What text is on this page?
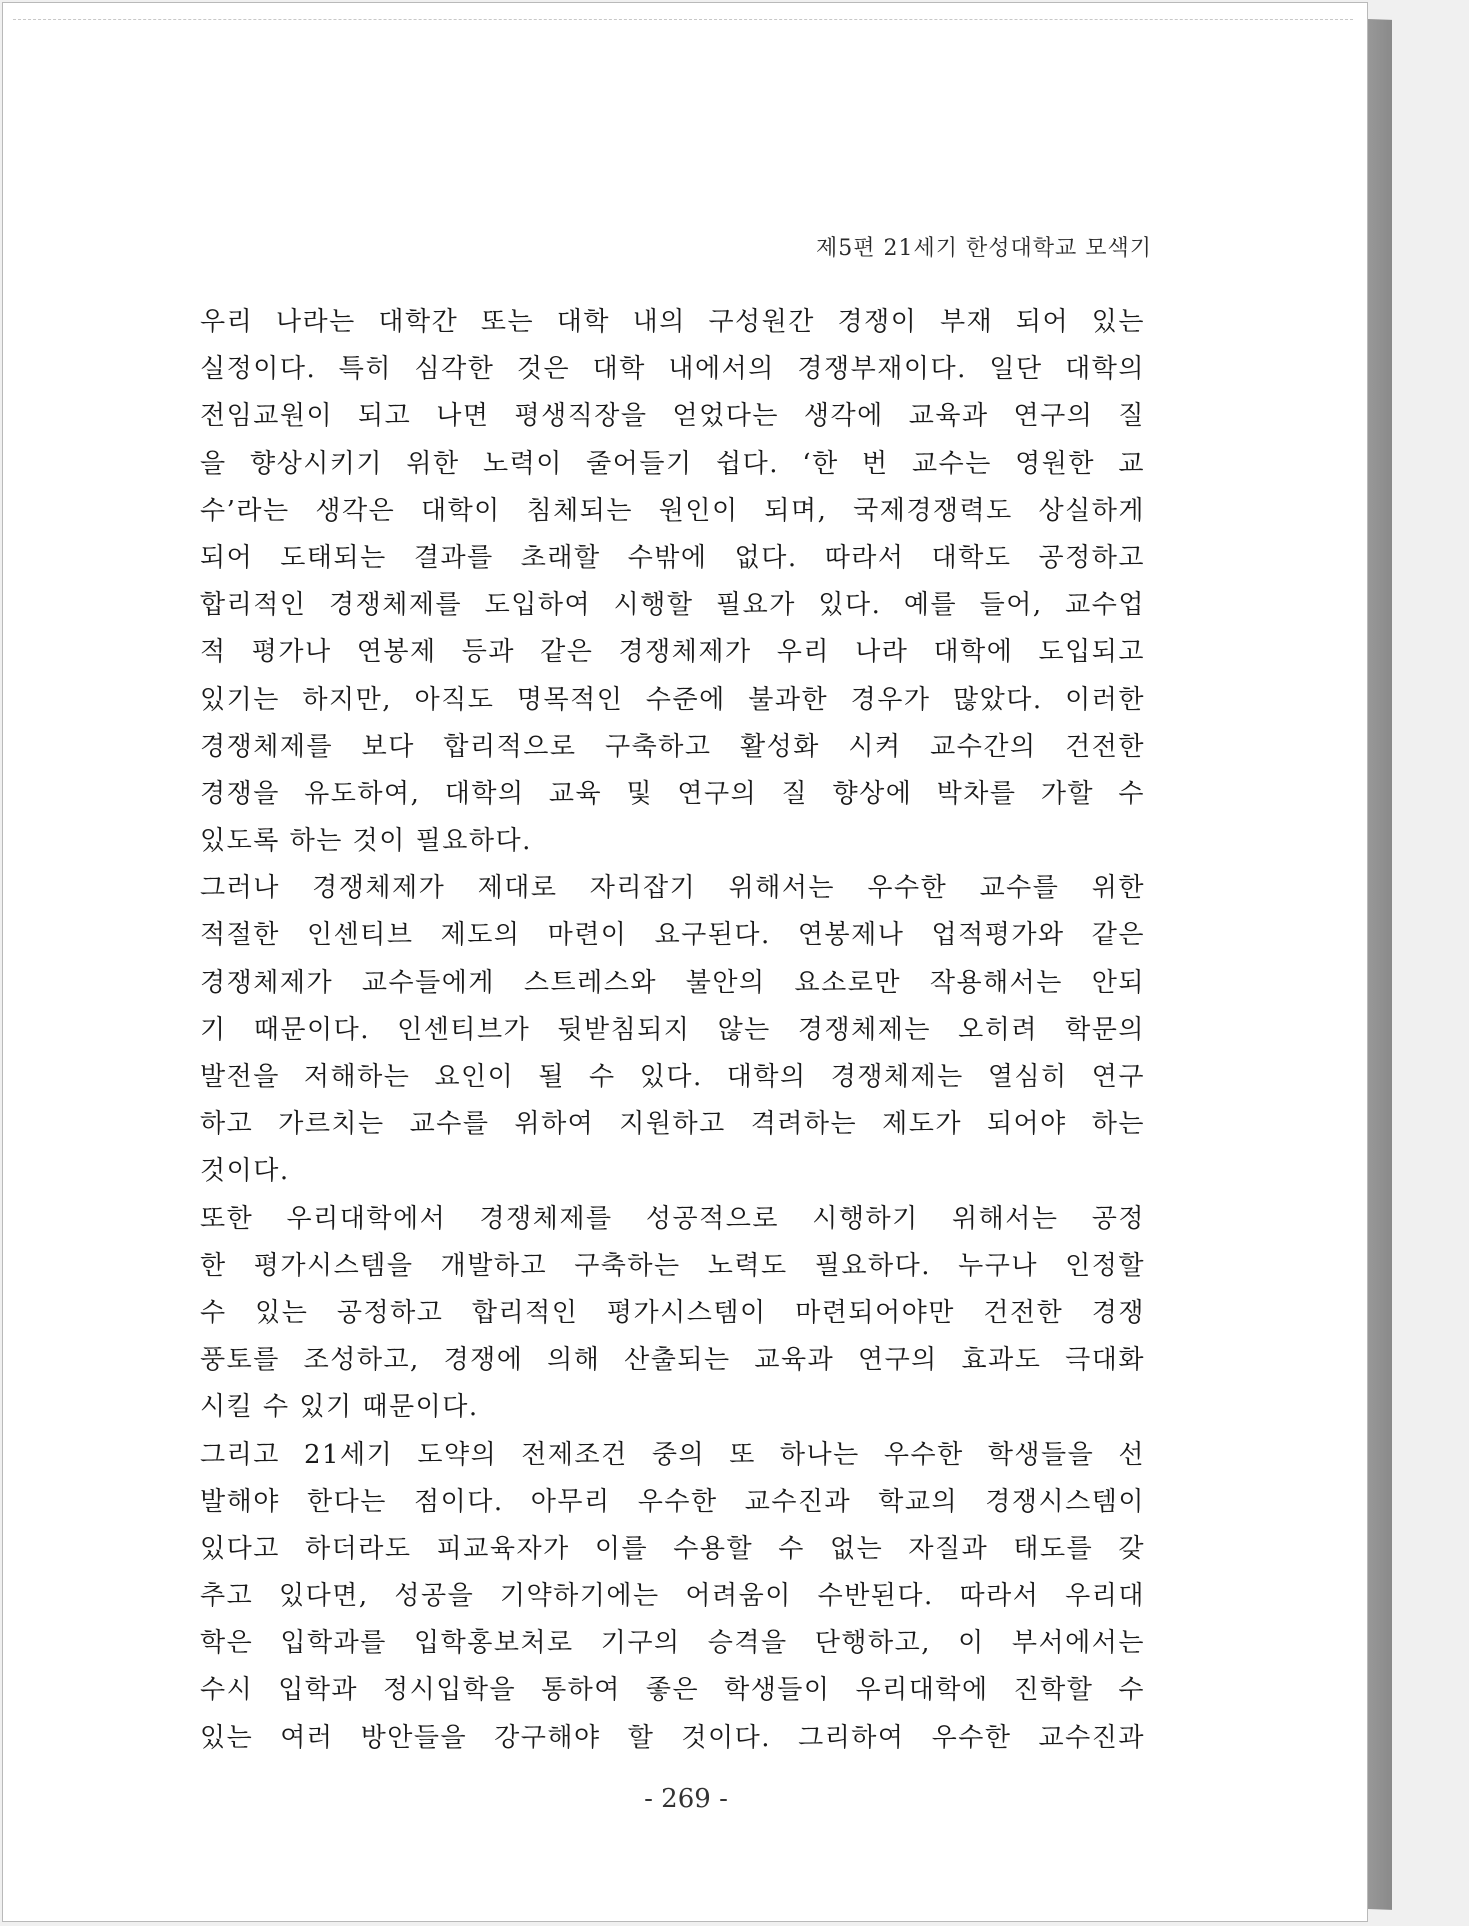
제5편 21세기 한성대학교 모색기
우리 나라는 대학간 또는 대학 내의 구성원간 경쟁이 부재 되어 있는
실정이다. 특히 심각한 것은 대학 내에서의 경쟁부재이다. 일단 대학의
전임교원이 되고 나면 평생직장을 얻었다는 생각에 교육과 연구의 질
을 향상시키기 위한 노력이 줄어들기 쉽다. ‘한 번 교수는 영원한 교
수’라는 생각은 대학이 침체되는 원인이 되며, 국제경쟁력도 상실하게
되어 도태되는 결과를 초래할 수밖에 없다. 따라서 대학도 공정하고
합리적인 경쟁체제를 도입하여 시행할 필요가 있다. 예를 들어, 교수업
적 평가나 연봉제 등과 같은 경쟁체제가 우리 나라 대학에 도입되고
있기는 하지만, 아직도 명목적인 수준에 불과한 경우가 많았다. 이러한
경쟁체제를 보다 합리적으로 구축하고 활성화 시켜 교수간의 건전한
경쟁을 유도하여, 대학의 교육 및 연구의 질 향상에 박차를 가할 수
있도록 하는 것이 필요하다.
그러나 경쟁체제가 제대로 자리잡기 위해서는 우수한 교수를 위한
적절한 인센티브 제도의 마련이 요구된다. 연봉제나 업적평가와 같은
경쟁체제가 교수들에게 스트레스와 불안의 요소로만 작용해서는 안되
기 때문이다. 인센티브가 뒷받침되지 않는 경쟁체제는 오히려 학문의
발전을 저해하는 요인이 될 수 있다. 대학의 경쟁체제는 열심히 연구
하고 가르치는 교수를 위하여 지원하고 격려하는 제도가 되어야 하는
것이다.
또한 우리대학에서 경쟁체제를 성공적으로 시행하기 위해서는 공정
한 평가시스템을 개발하고 구축하는 노력도 필요하다. 누구나 인정할
수 있는 공정하고 합리적인 평가시스템이 마련되어야만 건전한 경쟁
풍토를 조성하고, 경쟁에 의해 산출되는 교육과 연구의 효과도 극대화
시킬 수 있기 때문이다.
그리고 21세기 도약의 전제조건 중의 또 하나는 우수한 학생들을 선
발해야 한다는 점이다. 아무리 우수한 교수진과 학교의 경쟁시스템이
있다고 하더라도 피교육자가 이를 수용할 수 없는 자질과 태도를 갖
추고 있다면, 성공을 기약하기에는 어려움이 수반된다. 따라서 우리대
학은 입학과를 입학홍보처로 기구의 승격을 단행하고, 이 부서에서는
수시 입학과 정시입학을 통하여 좋은 학생들이 우리대학에 진학할 수
있는 여러 방안들을 강구해야 할 것이다. 그리하여 우수한 교수진과
- 269 -
